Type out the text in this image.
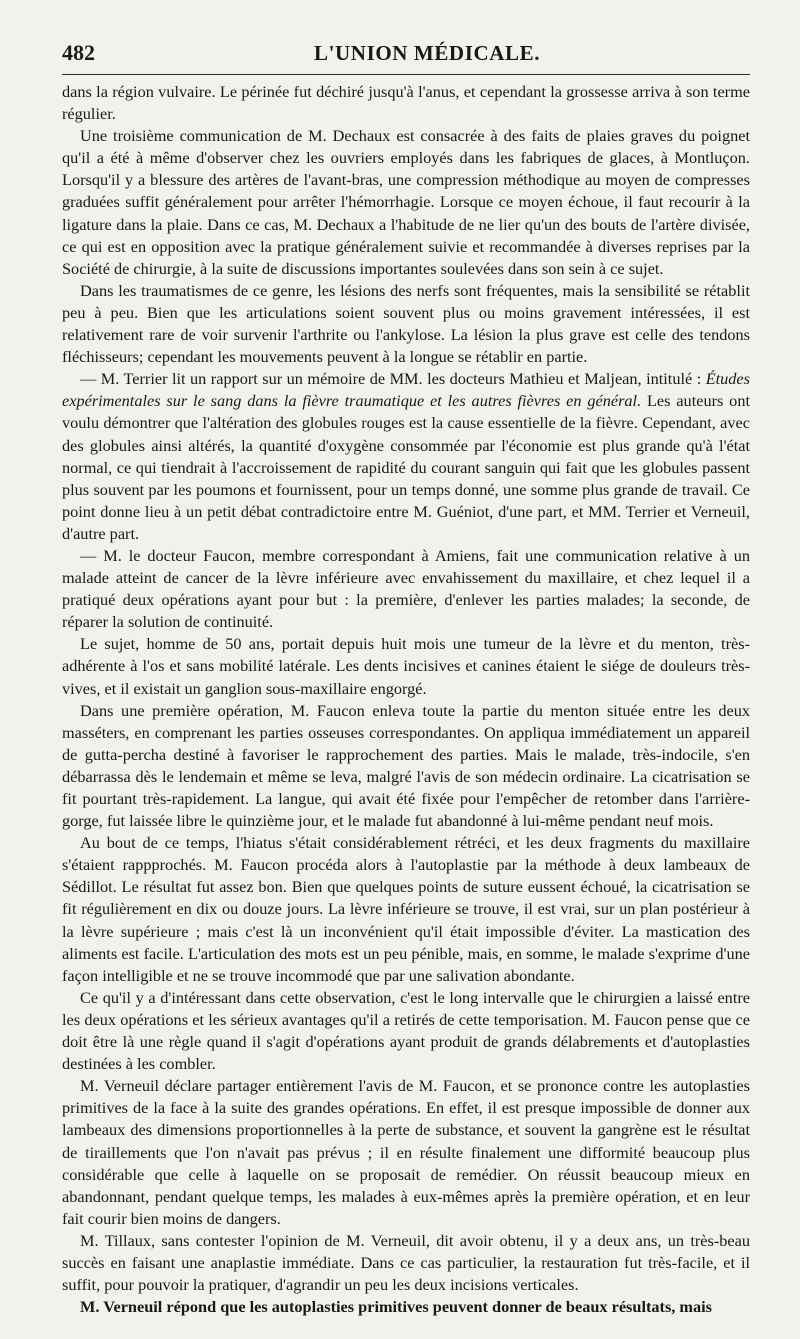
482	L'UNION MÉDICALE.

dans la région vulvaire. Le périnée fut déchiré jusqu'à l'anus, et cependant la grossesse arriva à son terme régulier.

Une troisième communication de M. Dechaux est consacrée à des faits de plaies graves du poignet qu'il a été à même d'observer chez les ouvriers employés dans les fabriques de glaces, à Montluçon. Lorsqu'il y a blessure des artères de l'avant-bras, une compression méthodique au moyen de compresses graduées suffit généralement pour arrêter l'hémorrhagie. Lorsque ce moyen échoue, il faut recourir à la ligature dans la plaie. Dans ce cas, M. Dechaux a l'habitude de ne lier qu'un des bouts de l'artère divisée, ce qui est en opposition avec la pratique généralement suivie et recommandée à diverses reprises par la Société de chirurgie, à la suite de discussions importantes soulevées dans son sein à ce sujet.

Dans les traumatismes de ce genre, les lésions des nerfs sont fréquentes, mais la sensibilité se rétablit peu à peu. Bien que les articulations soient souvent plus ou moins gravement intéressées, il est relativement rare de voir survenir l'arthrite ou l'ankylose. La lésion la plus grave est celle des tendons fléchisseurs; cependant les mouvements peuvent à la longue se rétablir en partie.

— M. Terrier lit un rapport sur un mémoire de MM. les docteurs Mathieu et Maljean, intitulé : Études expérimentales sur le sang dans la fièvre traumatique et les autres fièvres en général. Les auteurs ont voulu démontrer que l'altération des globules rouges est la cause essentielle de la fièvre. Cependant, avec des globules ainsi altérés, la quantité d'oxygène consommée par l'économie est plus grande qu'à l'état normal, ce qui tiendrait à l'accroissement de rapidité du courant sanguin qui fait que les globules passent plus souvent par les poumons et fournissent, pour un temps donné, une somme plus grande de travail. Ce point donne lieu à un petit débat contradictoire entre M. Guéniot, d'une part, et MM. Terrier et Verneuil, d'autre part.

— M. le docteur Faucon, membre correspondant à Amiens, fait une communication relative à un malade atteint de cancer de la lèvre inférieure avec envahissement du maxillaire, et chez lequel il a pratiqué deux opérations ayant pour but : la première, d'enlever les parties malades; la seconde, de réparer la solution de continuité.

Le sujet, homme de 50 ans, portait depuis huit mois une tumeur de la lèvre et du menton, très-adhérente à l'os et sans mobilité latérale. Les dents incisives et canines étaient le siége de douleurs très-vives, et il existait un ganglion sous-maxillaire engorgé.

Dans une première opération, M. Faucon enleva toute la partie du menton située entre les deux masséters, en comprenant les parties osseuses correspondantes. On appliqua immédiatement un appareil de gutta-percha destiné à favoriser le rapprochement des parties. Mais le malade, très-indocile, s'en débarrassa dès le lendemain et même se leva, malgré l'avis de son médecin ordinaire. La cicatrisation se fit pourtant très-rapidement. La langue, qui avait été fixée pour l'empêcher de retomber dans l'arrière-gorge, fut laissée libre le quinzième jour, et le malade fut abandonné à lui-même pendant neuf mois.

Au bout de ce temps, l'hiatus s'était considérablement rétréci, et les deux fragments du maxillaire s'étaient rappprochés. M. Faucon procéda alors à l'autoplastie par la méthode à deux lambeaux de Sédillot. Le résultat fut assez bon. Bien que quelques points de suture eussent échoué, la cicatrisation se fit régulièrement en dix ou douze jours. La lèvre inférieure se trouve, il est vrai, sur un plan postérieur à la lèvre supérieure ; mais c'est là un inconvénient qu'il était impossible d'éviter. La mastication des aliments est facile. L'articulation des mots est un peu pénible, mais, en somme, le malade s'exprime d'une façon intelligible et ne se trouve incommodé que par une salivation abondante.

Ce qu'il y a d'intéressant dans cette observation, c'est le long intervalle que le chirurgien a laissé entre les deux opérations et les sérieux avantages qu'il a retirés de cette temporisation. M. Faucon pense que ce doit être là une règle quand il s'agit d'opérations ayant produit de grands délabrements et d'autoplasties destinées à les combler.

M. Verneuil déclare partager entièrement l'avis de M. Faucon, et se prononce contre les autoplasties primitives de la face à la suite des grandes opérations. En effet, il est presque impossible de donner aux lambeaux des dimensions proportionnelles à la perte de substance, et souvent la gangrène est le résultat de tiraillements que l'on n'avait pas prévus ; il en résulte finalement une difformité beaucoup plus considérable que celle à laquelle on se proposait de remédier. On réussit beaucoup mieux en abandonnant, pendant quelque temps, les malades à eux-mêmes après la première opération, et en leur fait courir bien moins de dangers.

M. Tillaux, sans contester l'opinion de M. Verneuil, dit avoir obtenu, il y a deux ans, un très-beau succès en faisant une anaplastie immédiate. Dans ce cas particulier, la restauration fut très-facile, et il suffit, pour pouvoir la pratiquer, d'agrandir un peu les deux incisions verticales.

M. Verneuil répond que les autoplasties primitives peuvent donner de beaux résultats, mais
